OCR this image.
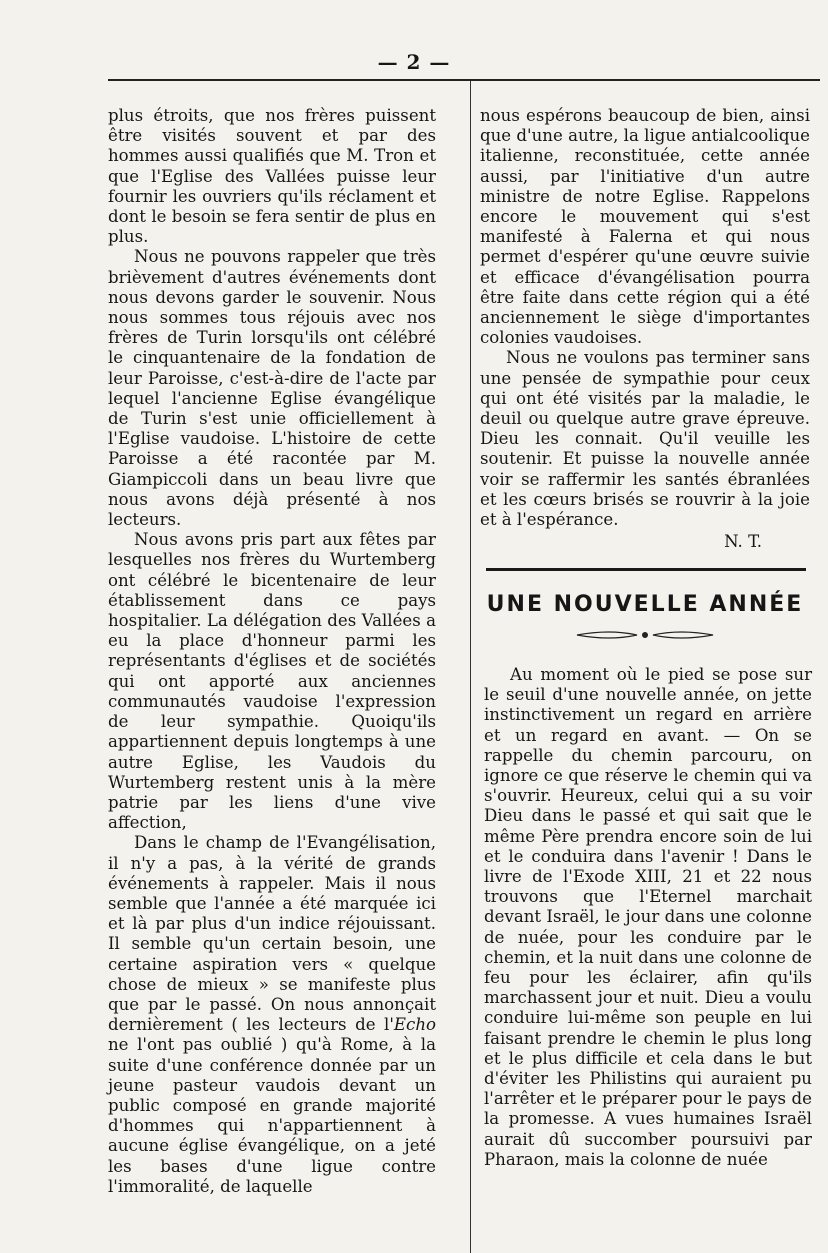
— 2 —

plus étroits, que nos frères puissent être visités souvent et par des hommes aussi qualifiés que M. Tron et que l'Eglise des Vallées puisse leur fournir les ouvriers qu'ils réclament et dont le besoin se fera sentir de plus en plus.

Nous ne pouvons rappeler que très brièvement d'autres événements dont nous devons garder le souvenir. Nous nous sommes tous réjouis avec nos frères de Turin lorsqu'ils ont célébré le cinquantenaire de la fondation de leur Paroisse, c'est-à-dire de l'acte par lequel l'ancienne Eglise évangélique de Turin s'est unie officiellement à l'Eglise vaudoise. L'histoire de cette Paroisse a été racontée par M. Giampiccoli dans un beau livre que nous avons déjà présenté à nos lecteurs.

Nous avons pris part aux fêtes par lesquelles nos frères du Wurtemberg ont célébré le bicentenaire de leur établissement dans ce pays hospitalier. La délégation des Vallées a eu la place d'honneur parmi les représentants d'églises et de sociétés qui ont apporté aux anciennes communautés vaudoise l'expression de leur sympathie. Quoiqu'ils appartiennent depuis longtemps à une autre Eglise, les Vaudois du Wurtemberg restent unis à la mère patrie par les liens d'une vive affection,

Dans le champ de l'Evangélisation, il n'y a pas, à la vérité de grands événements à rappeler. Mais il nous semble que l'année a été marquée ici et là par plus d'un indice réjouissant. Il semble qu'un certain besoin, une certaine aspiration vers « quelque chose de mieux » se manifeste plus que par le passé. On nous annonçait dernièrement ( les lecteurs de l'Echo ne l'ont pas oublié ) qu'à Rome, à la suite d'une conférence donnée par un jeune pasteur vaudois devant un public composé en grande majorité d'hommes qui n'appartiennent à aucune église évangélique, on a jeté les bases d'une ligue contre l'immoralité, de laquelle

nous espérons beaucoup de bien, ainsi que d'une autre, la ligue antialcoolique italienne, reconstituée, cette année aussi, par l'initiative d'un autre ministre de notre Eglise. Rappelons encore le mouvement qui s'est manifesté à Falerna et qui nous permet d'espérer qu'une œuvre suivie et efficace d'évangélisation pourra être faite dans cette région qui a été anciennement le siège d'importantes colonies vaudoises.

Nous ne voulons pas terminer sans une pensée de sympathie pour ceux qui ont été visités par la maladie, le deuil ou quelque autre grave épreuve. Dieu les connait. Qu'il veuille les soutenir. Et puisse la nouvelle année voir se raffermir les santés ébranlées et les cœurs brisés se rouvrir à la joie et à l'espérance.

N. T.

UNE NOUVELLE ANNÉE

Au moment où le pied se pose sur le seuil d'une nouvelle année, on jette instinctivement un regard en arrière et un regard en avant. — On se rappelle du chemin parcouru, on ignore ce que réserve le chemin qui va s'ouvrir. Heureux, celui qui a su voir Dieu dans le passé et qui sait que le même Père prendra encore soin de lui et le conduira dans l'avenir ! Dans le livre de l'Exode XIII, 21 et 22 nous trouvons que l'Eternel marchait devant Israël, le jour dans une colonne de nuée, pour les conduire par le chemin, et la nuit dans une colonne de feu pour les éclairer, afin qu'ils marchassent jour et nuit. Dieu a voulu conduire lui-même son peuple en lui faisant prendre le chemin le plus long et le plus difficile et cela dans le but d'éviter les Philistins qui auraient pu l'arrêter et le préparer pour le pays de la promesse. A vues humaines Israël aurait dû succomber poursuivi par Pharaon, mais la colonne de nuée
